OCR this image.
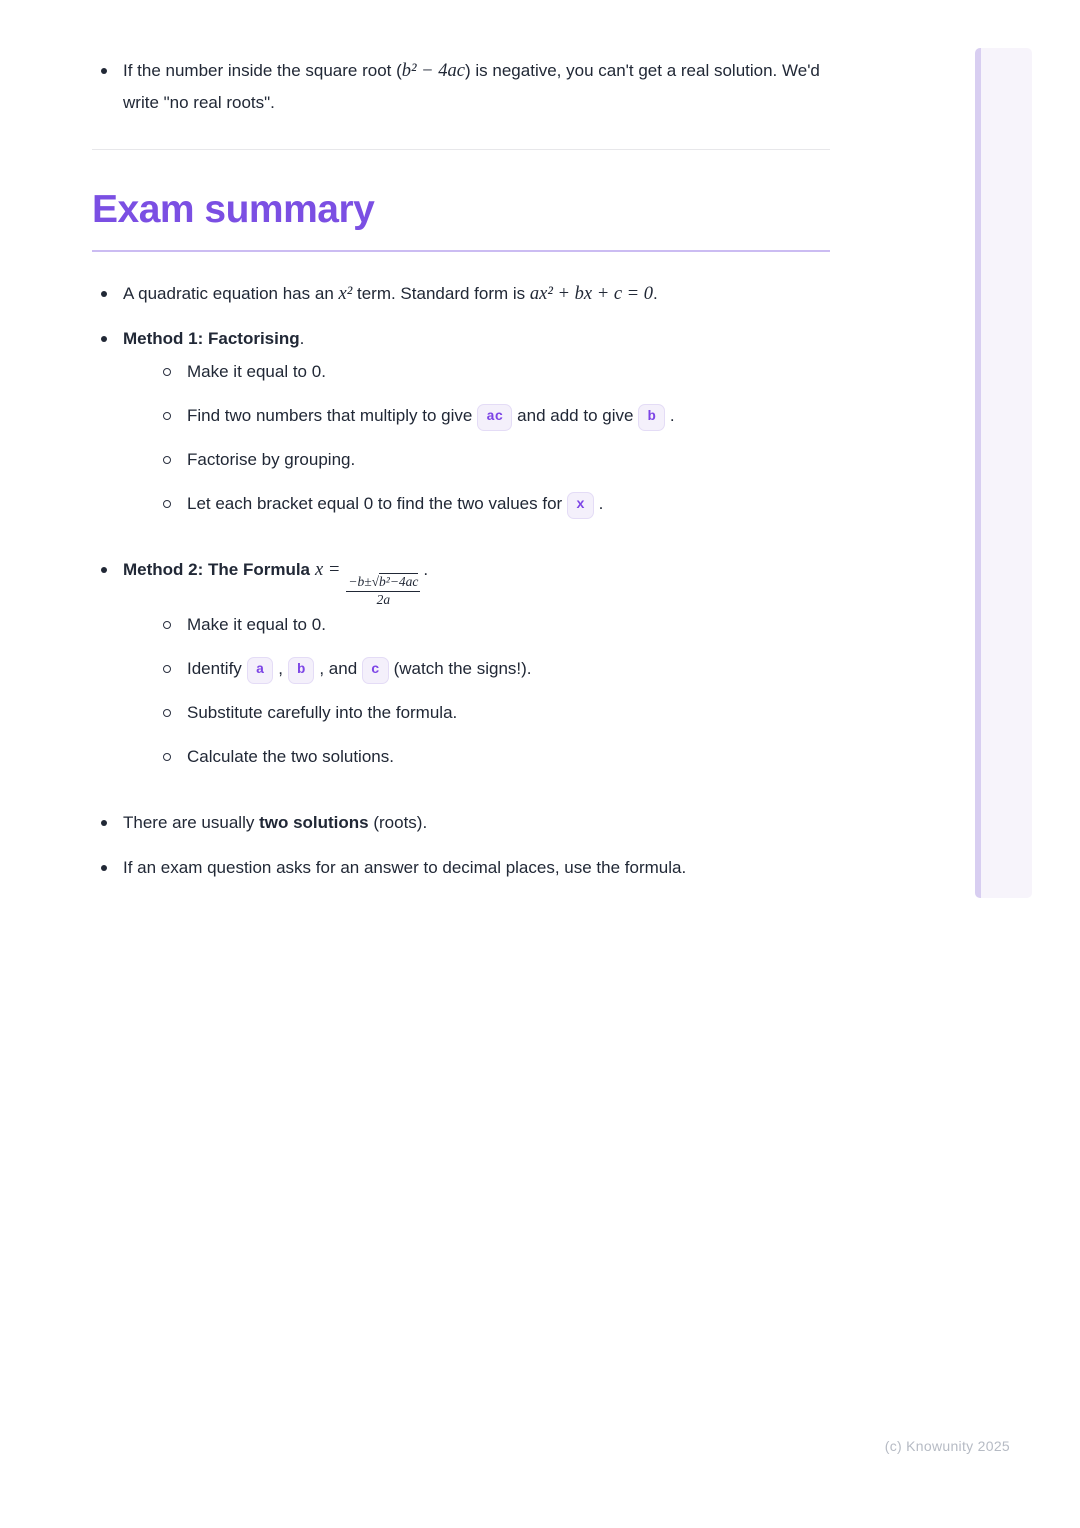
If the number inside the square root (b² − 4ac) is negative, you can't get a real solution. We'd write "no real roots".
Exam summary
A quadratic equation has an x² term. Standard form is ax² + bx + c = 0.
Method 1: Factorising.
Make it equal to 0.
Find two numbers that multiply to give ac and add to give b .
Factorise by grouping.
Let each bracket equal 0 to find the two values for x .
Method 2: The Formula x =
$\frac{\text{−b±√b²−4ac}}{2a}$
.
Make it equal to 0.
Identify a , b , and c (watch the signs!).
Substitute carefully into the formula.
Calculate the two solutions.
There are usually two solutions (roots).
If an exam question asks for an answer to decimal places, use the formula.
(c) Knowunity 2025
